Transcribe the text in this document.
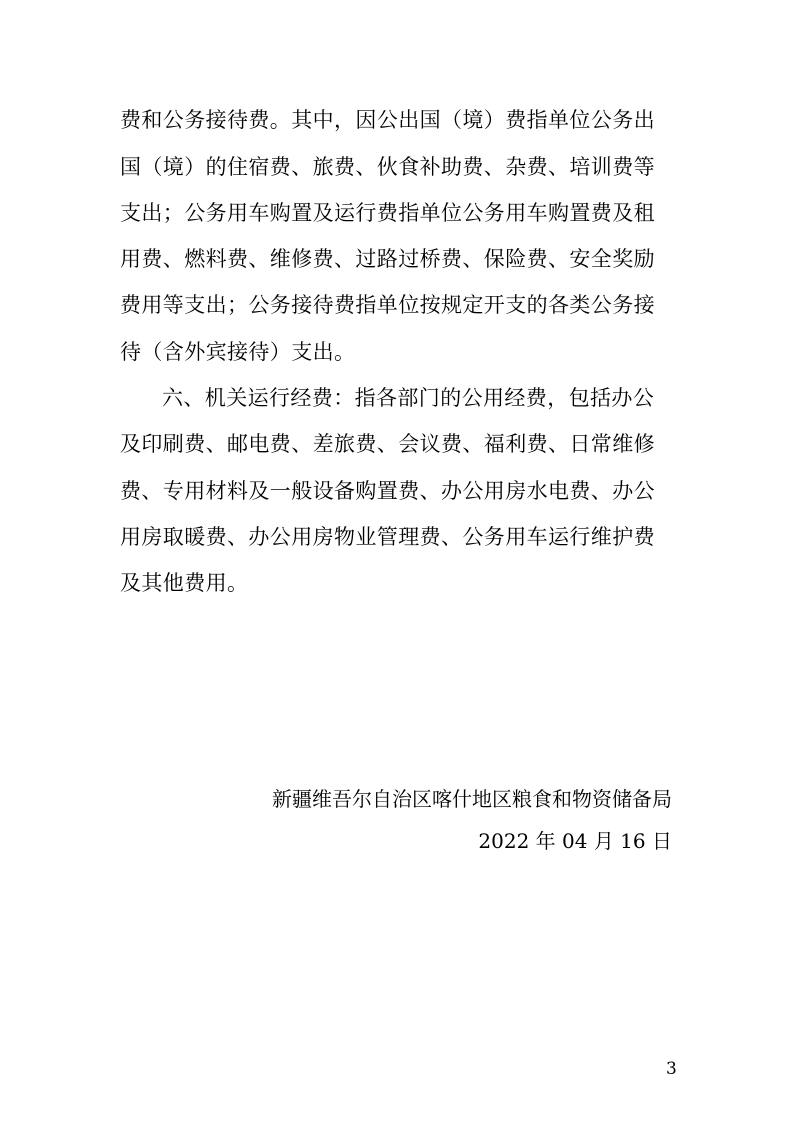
费和公务接待费。其中，因公出国（境）费指单位公务出
国（境）的住宿费、旅费、伙食补助费、杂费、培训费等
支出；公务用车购置及运行费指单位公务用车购置费及租
用费、燃料费、维修费、过路过桥费、保险费、安全奖励
费用等支出；公务接待费指单位按规定开支的各类公务接
待（含外宾接待）支出。
六、机关运行经费：指各部门的公用经费，包括办公
及印刷费、邮电费、差旅费、会议费、福利费、日常维修
费、专用材料及一般设备购置费、办公用房水电费、办公
用房取暖费、办公用房物业管理费、公务用车运行维护费
及其他费用。
新疆维吾尔自治区喀什地区粮食和物资储备局
2022 年 04 月 16 日
3
